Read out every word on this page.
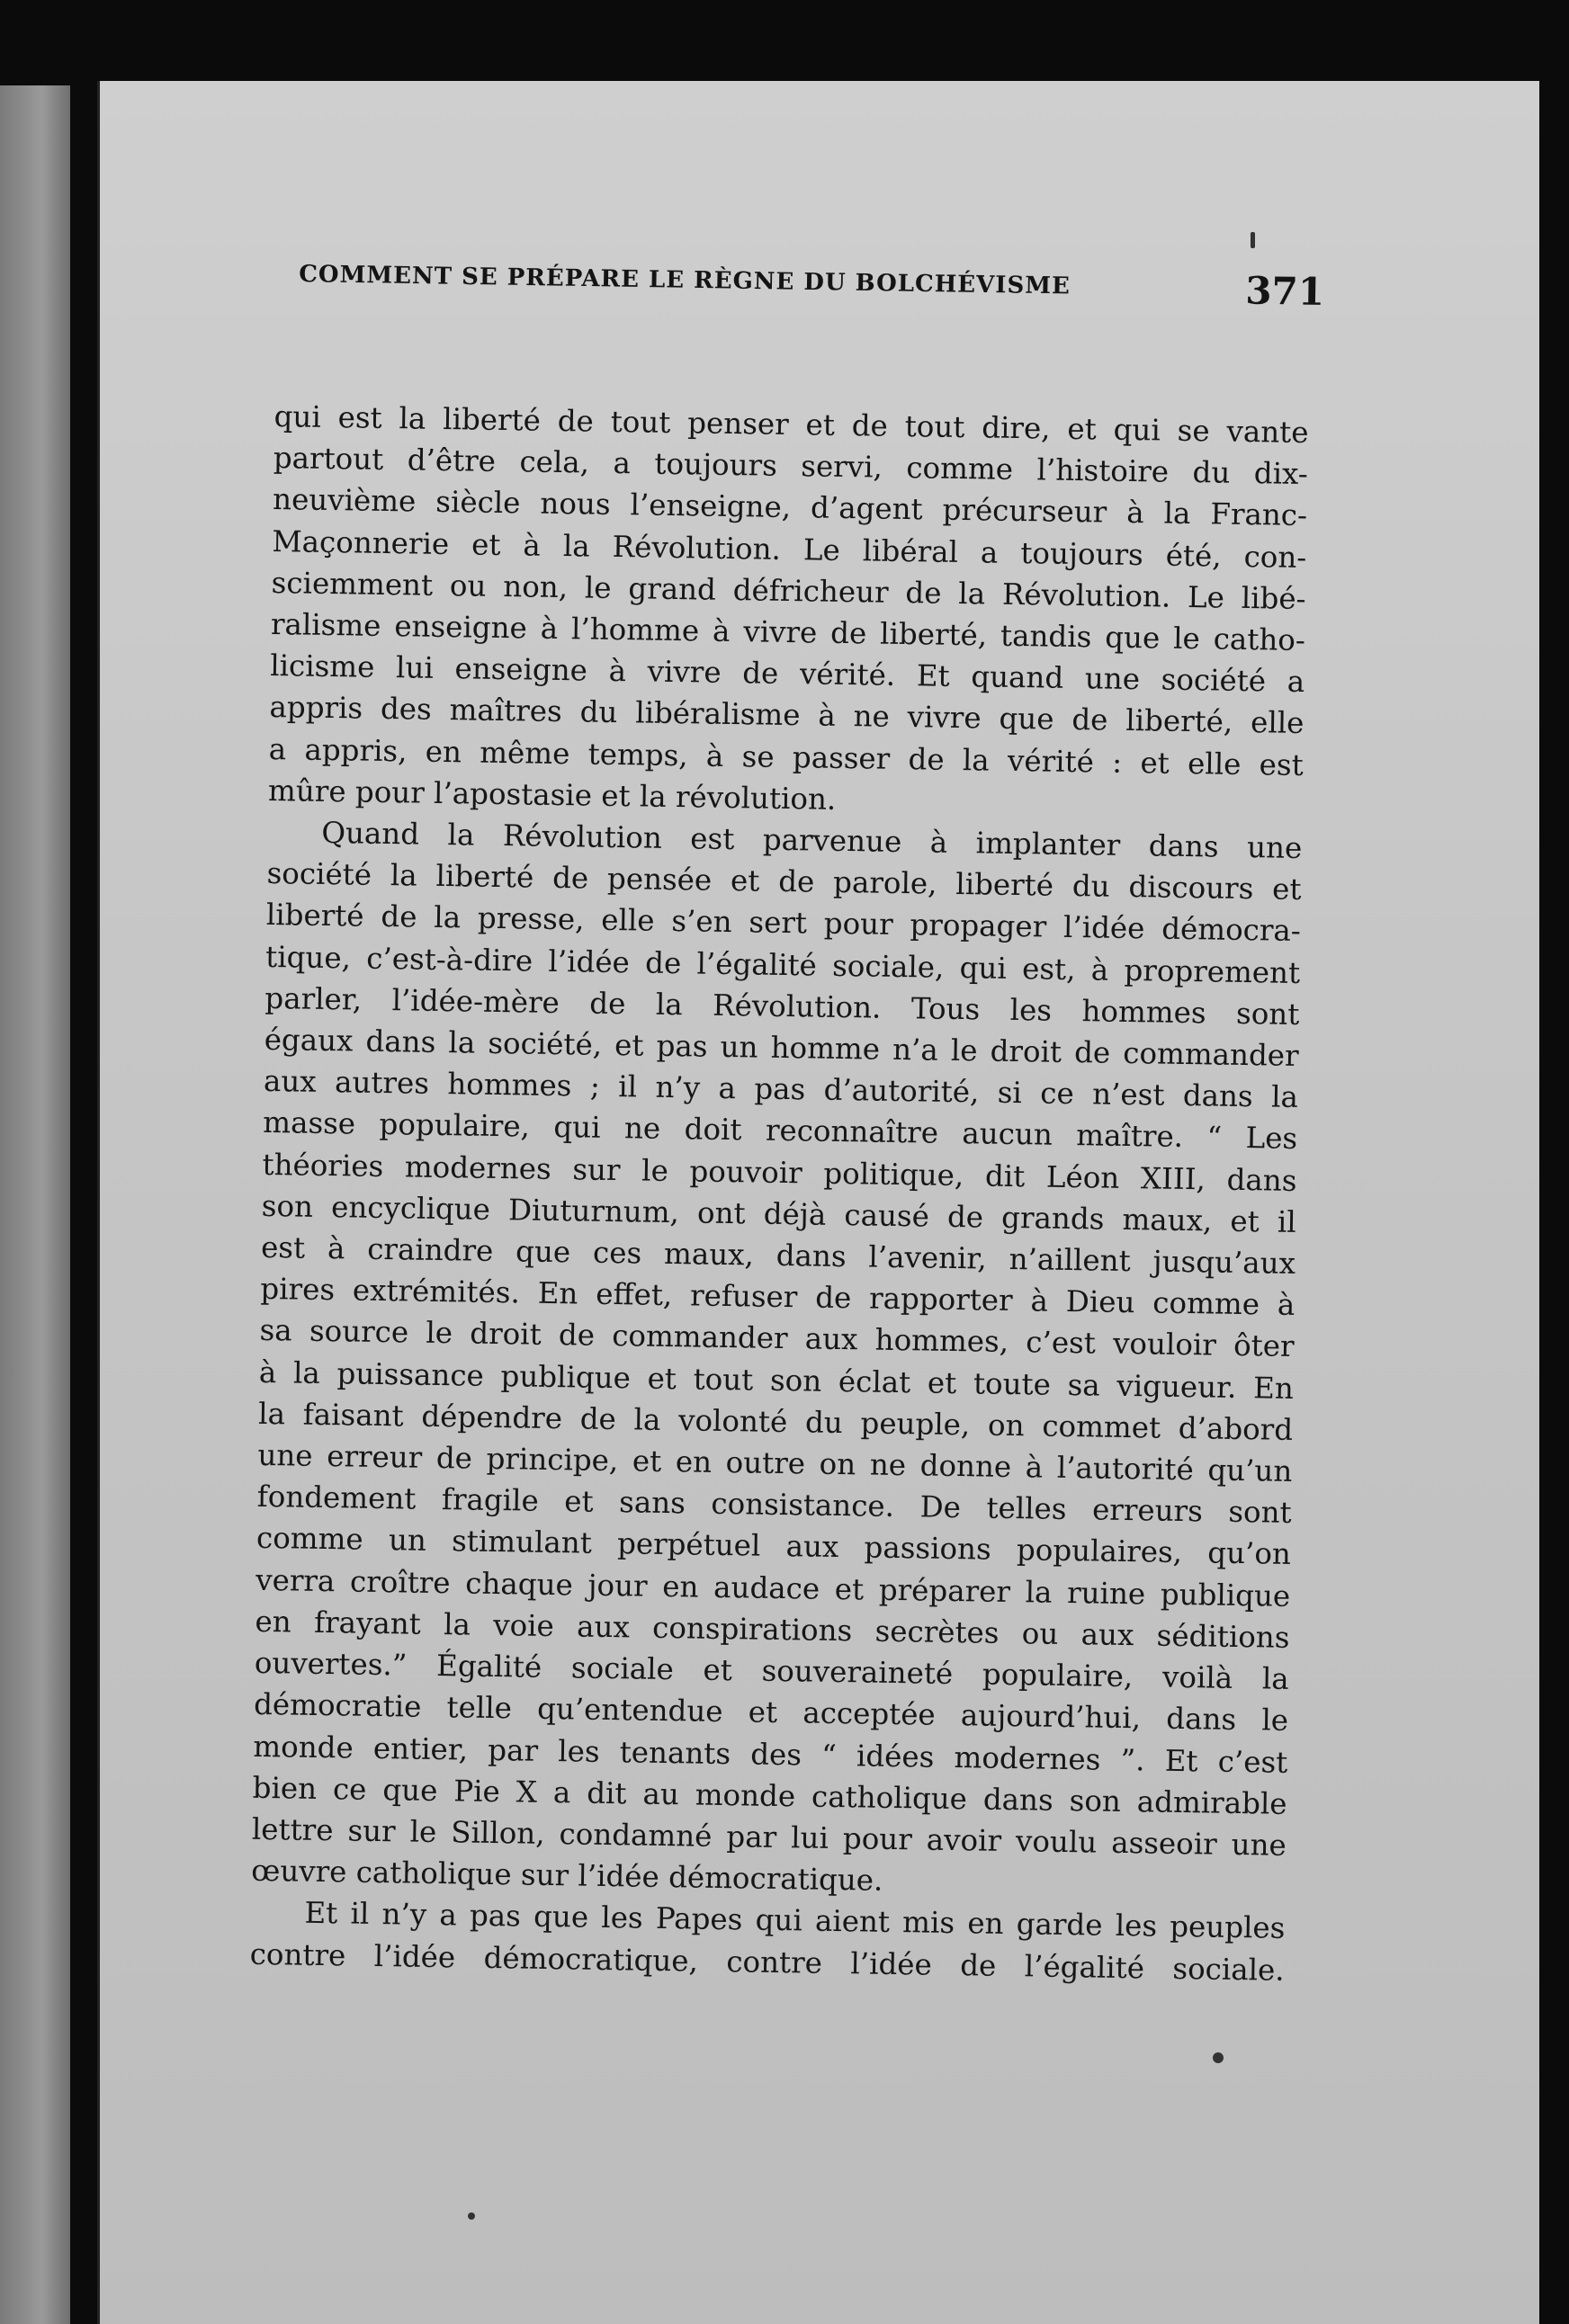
COMMENT SE PRÉPARE LE RÈGNE DU BOLCHÉVISME	371
qui est la liberté de tout penser et de tout dire, et qui se vante
partout d’être cela, a toujours servi, comme l’histoire du dix-
neuvième siècle nous l’enseigne, d’agent précurseur à la Franc-
Maçonnerie et à la Révolution. Le libéral a toujours été, con-
sciemment ou non, le grand défricheur de la Révolution. Le libé-
ralisme enseigne à l’homme à vivre de liberté, tandis que le catho-
licisme lui enseigne à vivre de vérité. Et quand une société a
appris des maîtres du libéralisme à ne vivre que de liberté, elle
a appris, en même temps, à se passer de la vérité : et elle est
mûre pour l’apostasie et la révolution.
Quand la Révolution est parvenue à implanter dans une
société la liberté de pensée et de parole, liberté du discours et
liberté de la presse, elle s’en sert pour propager l’idée démocra-
tique, c’est-à-dire l’idée de l’égalité sociale, qui est, à proprement
parler, l’idée-mère de la Révolution. Tous les hommes sont
égaux dans la société, et pas un homme n’a le droit de commander
aux autres hommes ; il n’y a pas d’autorité, si ce n’est dans la
masse populaire, qui ne doit reconnaître aucun maître. “ Les
théories modernes sur le pouvoir politique, dit Léon XIII, dans
son encyclique Diuturnum, ont déjà causé de grands maux, et il
est à craindre que ces maux, dans l’avenir, n’aillent jusqu’aux
pires extrémités. En effet, refuser de rapporter à Dieu comme à
sa source le droit de commander aux hommes, c’est vouloir ôter
à la puissance publique et tout son éclat et toute sa vigueur. En
la faisant dépendre de la volonté du peuple, on commet d’abord
une erreur de principe, et en outre on ne donne à l’autorité qu’un
fondement fragile et sans consistance. De telles erreurs sont
comme un stimulant perpétuel aux passions populaires, qu’on
verra croître chaque jour en audace et préparer la ruine publique
en frayant la voie aux conspirations secrètes ou aux séditions
ouvertes.” Égalité sociale et souveraineté populaire, voilà la
démocratie telle qu’entendue et acceptée aujourd’hui, dans le
monde entier, par les tenants des “ idées modernes ”. Et c’est
bien ce que Pie X a dit au monde catholique dans son admirable
lettre sur le Sillon, condamné par lui pour avoir voulu asseoir une
œuvre catholique sur l’idée démocratique.
Et il n’y a pas que les Papes qui aient mis en garde les peuples
contre l’idée démocratique, contre l’idée de l’égalité sociale.
